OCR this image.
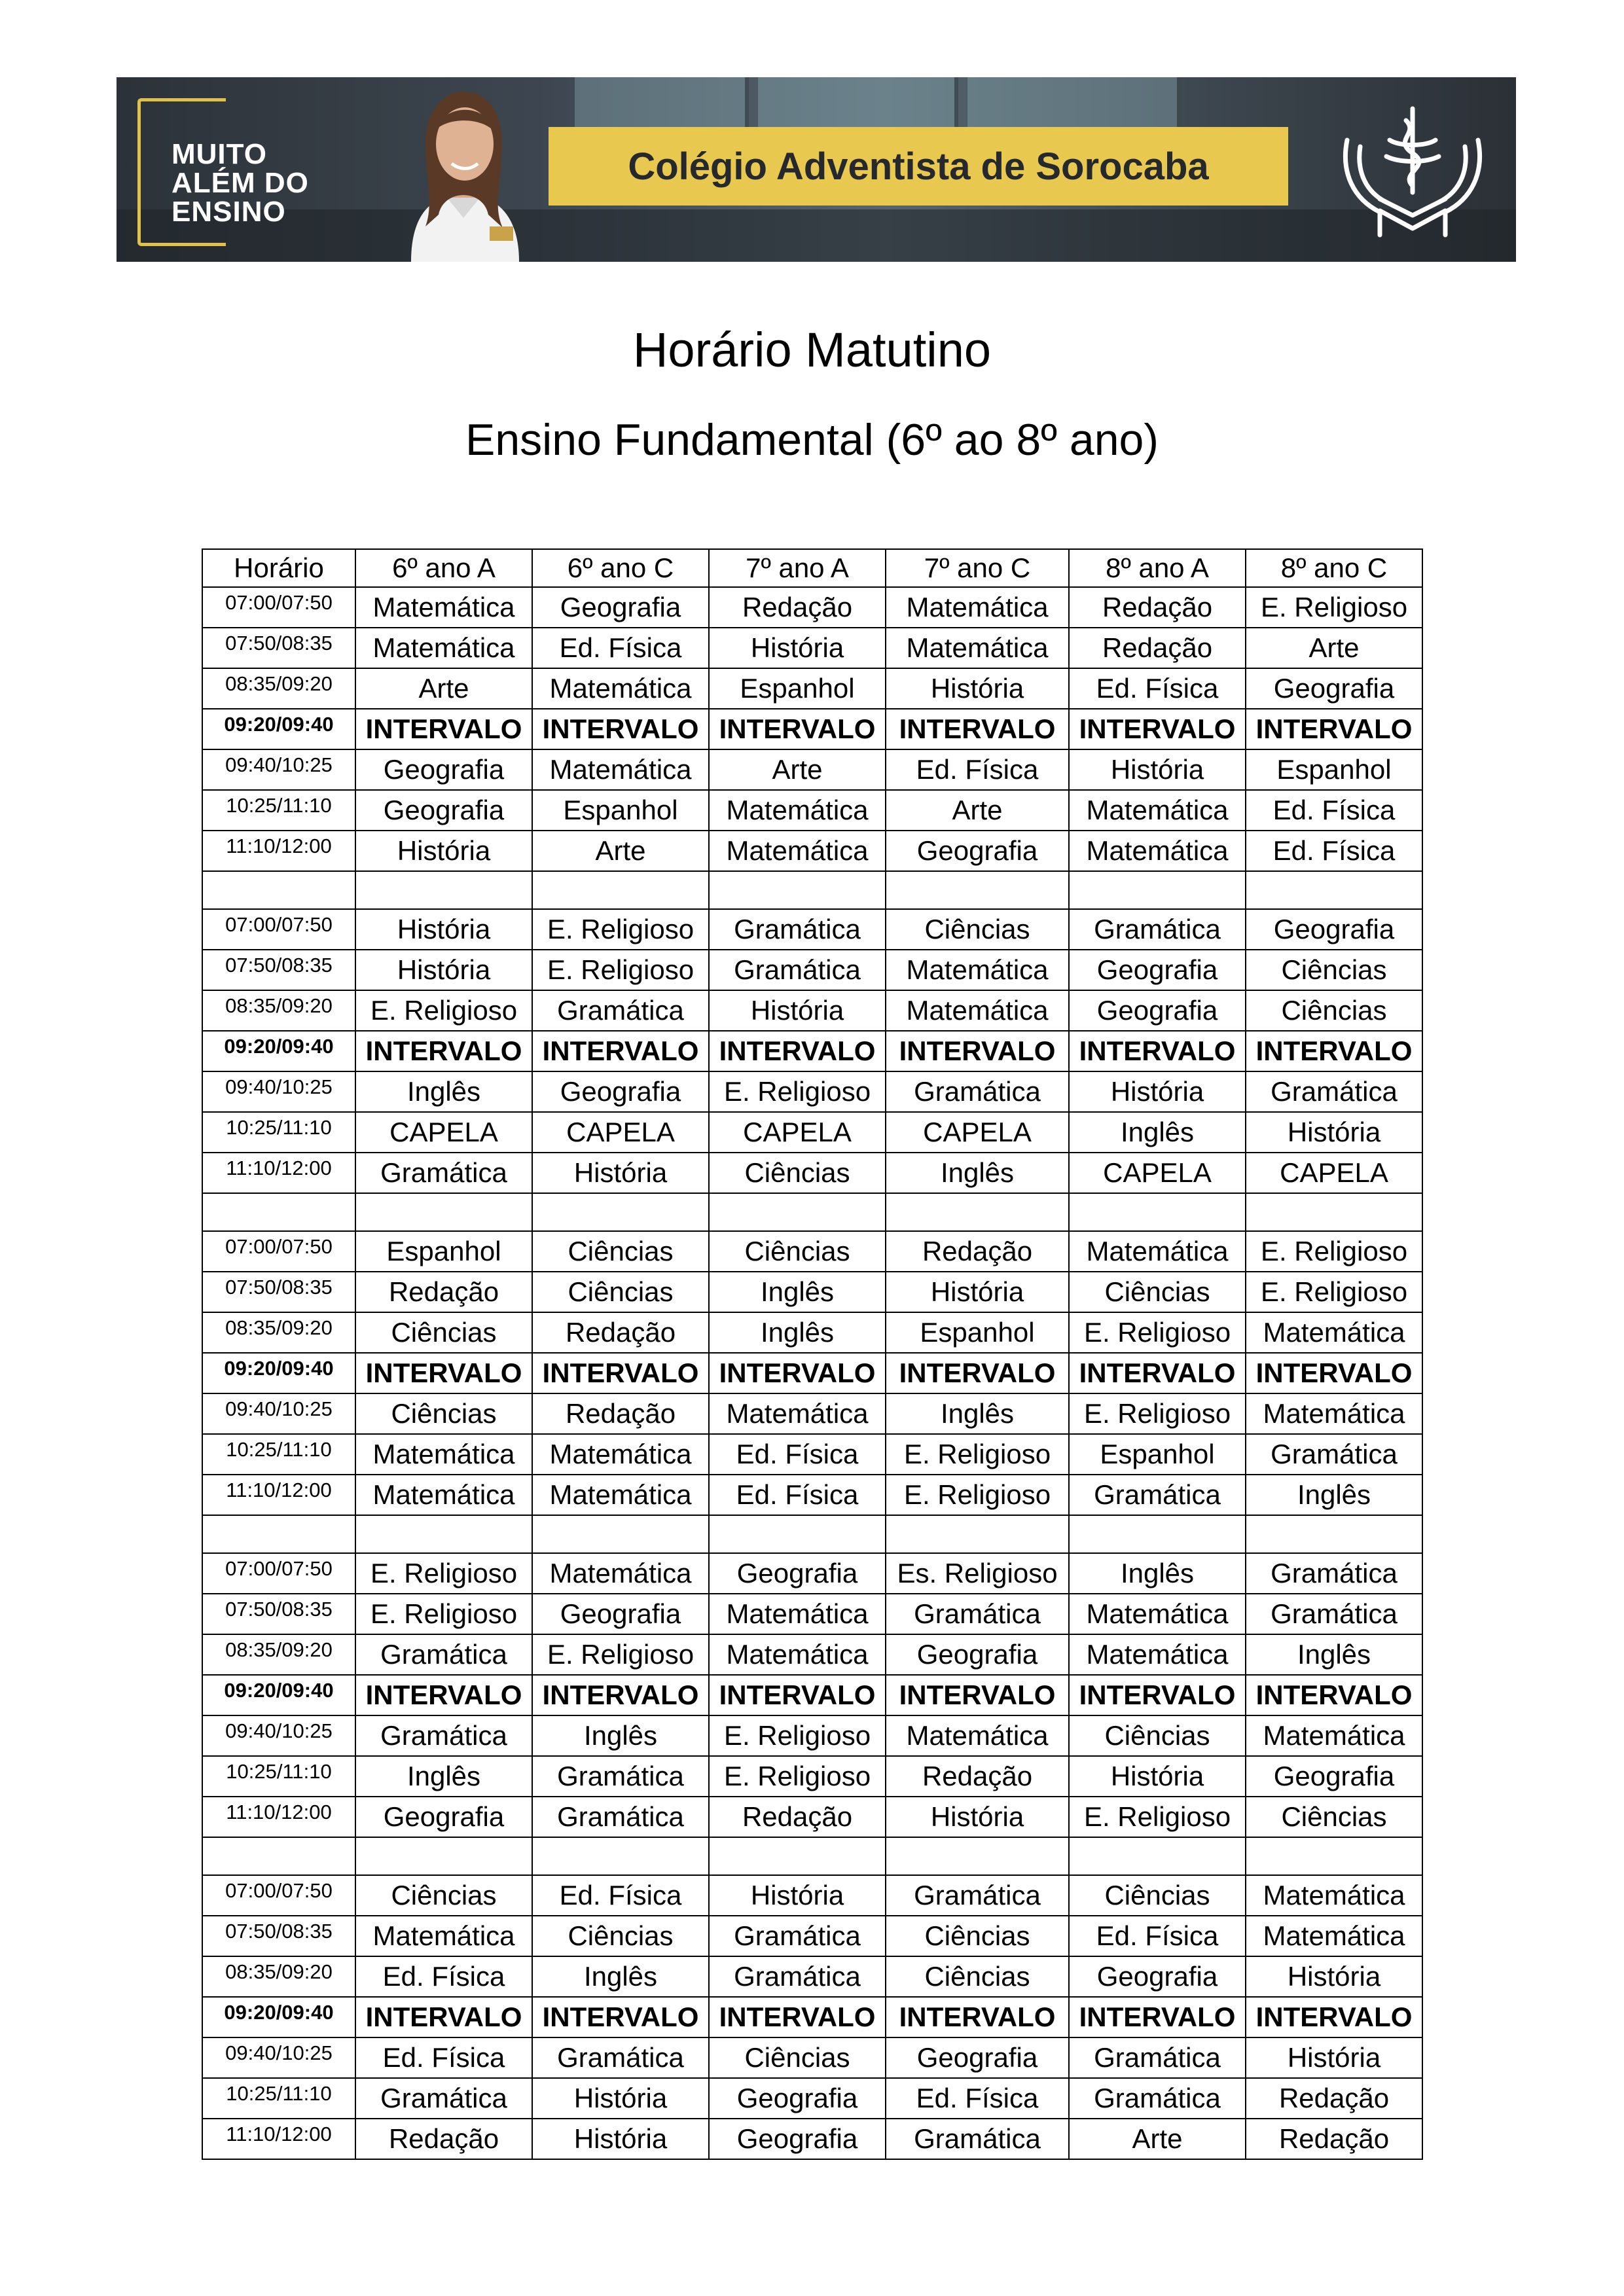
MUITO
ALÉM DO
ENSINO
Colégio Adventista de Sorocaba
Horário Matutino
Ensino Fundamental (6º ao 8º ano)
Horário	6º ano A	6º ano C	7º ano A	7º ano C	8º ano A	8º ano C
07:00/07:50	Matemática	Geografia	Redação	Matemática	Redação	E. Religioso
07:50/08:35	Matemática	Ed. Física	História	Matemática	Redação	Arte
08:35/09:20	Arte	Matemática	Espanhol	História	Ed. Física	Geografia
09:20/09:40	INTERVALO	INTERVALO	INTERVALO	INTERVALO	INTERVALO	INTERVALO
09:40/10:25	Geografia	Matemática	Arte	Ed. Física	História	Espanhol
10:25/11:10	Geografia	Espanhol	Matemática	Arte	Matemática	Ed. Física
11:10/12:00	História	Arte	Matemática	Geografia	Matemática	Ed. Física

07:00/07:50	História	E. Religioso	Gramática	Ciências	Gramática	Geografia
07:50/08:35	História	E. Religioso	Gramática	Matemática	Geografia	Ciências
08:35/09:20	E. Religioso	Gramática	História	Matemática	Geografia	Ciências
09:20/09:40	INTERVALO	INTERVALO	INTERVALO	INTERVALO	INTERVALO	INTERVALO
09:40/10:25	Inglês	Geografia	E. Religioso	Gramática	História	Gramática
10:25/11:10	CAPELA	CAPELA	CAPELA	CAPELA	Inglês	História
11:10/12:00	Gramática	História	Ciências	Inglês	CAPELA	CAPELA

07:00/07:50	Espanhol	Ciências	Ciências	Redação	Matemática	E. Religioso
07:50/08:35	Redação	Ciências	Inglês	História	Ciências	E. Religioso
08:35/09:20	Ciências	Redação	Inglês	Espanhol	E. Religioso	Matemática
09:20/09:40	INTERVALO	INTERVALO	INTERVALO	INTERVALO	INTERVALO	INTERVALO
09:40/10:25	Ciências	Redação	Matemática	Inglês	E. Religioso	Matemática
10:25/11:10	Matemática	Matemática	Ed. Física	E. Religioso	Espanhol	Gramática
11:10/12:00	Matemática	Matemática	Ed. Física	E. Religioso	Gramática	Inglês

07:00/07:50	E. Religioso	Matemática	Geografia	Es. Religioso	Inglês	Gramática
07:50/08:35	E. Religioso	Geografia	Matemática	Gramática	Matemática	Gramática
08:35/09:20	Gramática	E. Religioso	Matemática	Geografia	Matemática	Inglês
09:20/09:40	INTERVALO	INTERVALO	INTERVALO	INTERVALO	INTERVALO	INTERVALO
09:40/10:25	Gramática	Inglês	E. Religioso	Matemática	Ciências	Matemática
10:25/11:10	Inglês	Gramática	E. Religioso	Redação	História	Geografia
11:10/12:00	Geografia	Gramática	Redação	História	E. Religioso	Ciências

07:00/07:50	Ciências	Ed. Física	História	Gramática	Ciências	Matemática
07:50/08:35	Matemática	Ciências	Gramática	Ciências	Ed. Física	Matemática
08:35/09:20	Ed. Física	Inglês	Gramática	Ciências	Geografia	História
09:20/09:40	INTERVALO	INTERVALO	INTERVALO	INTERVALO	INTERVALO	INTERVALO
09:40/10:25	Ed. Física	Gramática	Ciências	Geografia	Gramática	História
10:25/11:10	Gramática	História	Geografia	Ed. Física	Gramática	Redação
11:10/12:00	Redação	História	Geografia	Gramática	Arte	Redação
